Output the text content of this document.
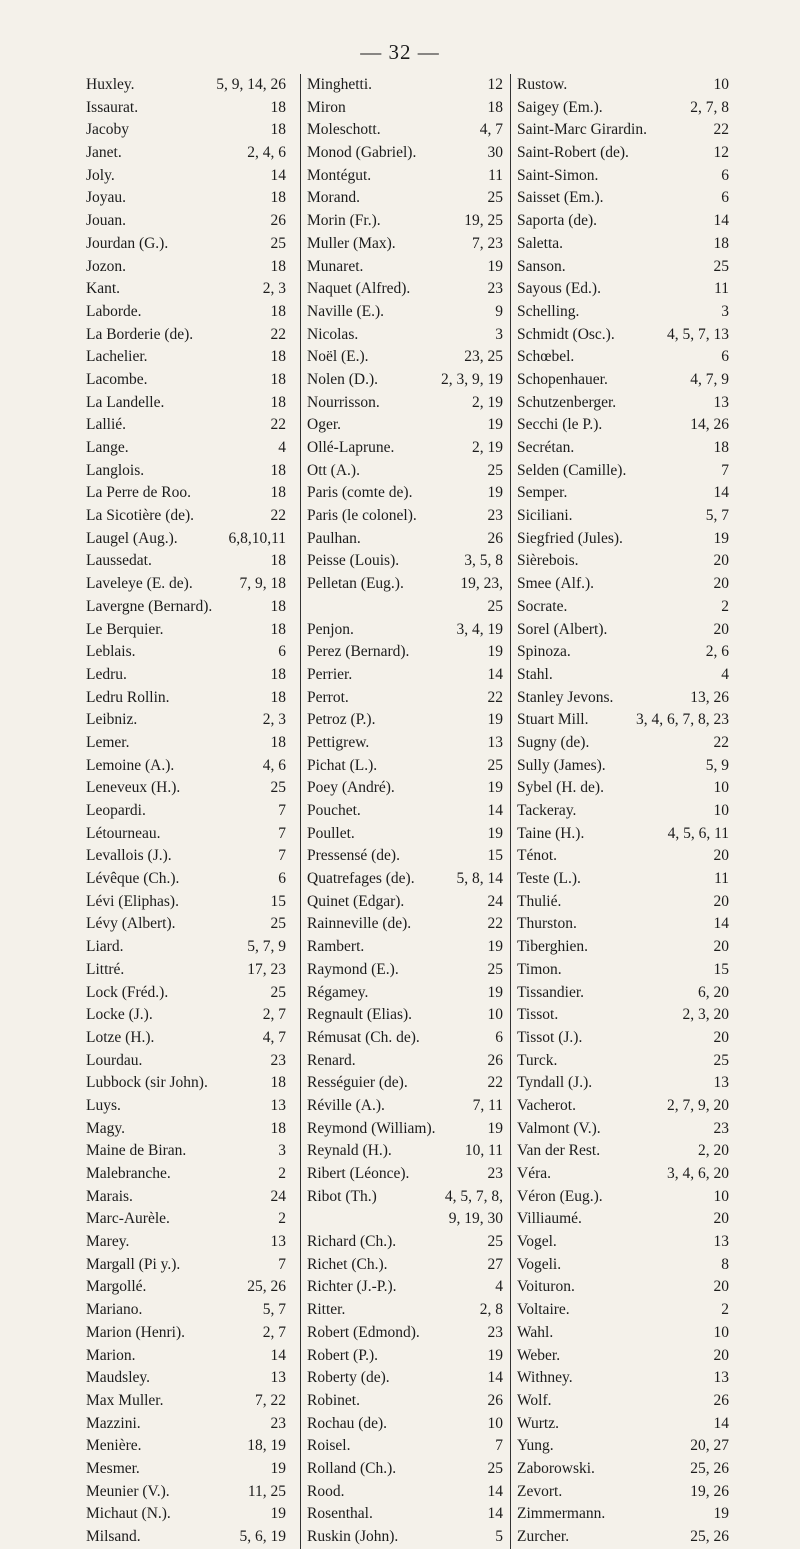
— 32 —
Huxley.	5, 9, 14, 26
Issaurat.	18
Jacoby	18
Janet.	2, 4, 6
Joly.	14
Joyau.	18
Jouan.	26
Jourdan (G.).	25
Jozon.	18
Kant.	2, 3
Laborde.	18
La Borderie (de).	22
Lachelier.	18
Lacombe.	18
La Landelle.	18
Lallié.	22
Lange.	4
Langlois.	18
La Perre de Roo.	18
La Sicotière (de).	22
Laugel (Aug.).	6,8,10,11
Laussedat.	18
Laveleye (E. de).	7, 9, 18
Lavergne (Bernard).	18
Le Berquier.	18
Leblais.	6
Ledru.	18
Ledru Rollin.	18
Leibniz.	2, 3
Lemer.	18
Lemoine (A.).	4, 6
Leneveux (H.).	25
Leopardi.	7
Létourneau.	7
Levallois (J.).	7
Lévêque (Ch.).	6
Lévi (Eliphas).	15
Lévy (Albert).	25
Liard.	5, 7, 9
Littré.	17, 23
Lock (Fréd.).	25
Locke (J.).	2, 7
Lotze (H.).	4, 7
Lourdau.	23
Lubbock (sir John).	18
Luys.	13
Magy.	18
Maine de Biran.	3
Malebranche.	2
Marais.	24
Marc-Aurèle.	2
Marey.	13
Margall (Pi y.).	7
Margollé.	25, 26
Mariano.	5, 7
Marion (Henri).	2, 7
Marion.	14
Maudsley.	13
Max Muller.	7, 22
Mazzini.	23
Menière.	18, 19
Mesmer.	19
Meunier (V.).	11, 25
Michaut (N.).	19
Milsand.	5, 6, 19
Minghetti.	12
Miron	18
Moleschott.	4, 7
Monod (Gabriel).	30
Montégut.	11
Morand.	25
Morin (Fr.).	19, 25
Muller (Max).	7, 23
Munaret.	19
Naquet (Alfred).	23
Naville (E.).	9
Nicolas.	3
Noël (E.).	23, 25
Nolen (D.).	2, 3, 9, 19
Nourrisson.	2, 19
Oger.	19
Ollé-Laprune.	2, 19
Ott (A.).	25
Paris (comte de).	19
Paris (le colonel).	23
Paulhan.	26
Peisse (Louis).	3, 5, 8
Pelletan (Eug.).	19, 23,
25
Penjon.	3, 4, 19
Perez (Bernard).	19
Perrier.	14
Perrot.	22
Petroz (P.).	19
Pettigrew.	13
Pichat (L.).	25
Poey (André).	19
Pouchet.	14
Poullet.	19
Pressensé (de).	15
Quatrefages (de).	5, 8, 14
Quinet (Edgar).	24
Rainneville (de).	22
Rambert.	19
Raymond (E.).	25
Régamey.	19
Regnault (Elias).	10
Rémusat (Ch. de).	6
Renard.	26
Rességuier (de).	22
Réville (A.).	7, 11
Reymond (William).	19
Reynald (H.).	10, 11
Ribert (Léonce).	23
Ribot (Th.)	4, 5, 7, 8,
9, 19, 30
Richard (Ch.).	25
Richet (Ch.).	27
Richter (J.-P.).	4
Ritter.	2, 8
Robert (Edmond).	23
Robert (P.).	19
Roberty (de).	14
Robinet.	26
Rochau (de).	10
Roisel.	7
Rolland (Ch.).	25
Rood.	14
Rosenthal.	14
Ruskin (John).	5
Rustow.	10
Saigey (Em.).	2, 7, 8
Saint-Marc Girardin.	22
Saint-Robert (de).	12
Saint-Simon.	6
Saisset (Em.).	6
Saporta (de).	14
Saletta.	18
Sanson.	25
Sayous (Ed.).	11
Schelling.	3
Schmidt (Osc.).	4, 5, 7, 13
Schœbel.	6
Schopenhauer.	4, 7, 9
Schutzenberger.	13
Secchi (le P.).	14, 26
Secrétan.	18
Selden (Camille).	7
Semper.	14
Siciliani.	5, 7
Siegfried (Jules).	19
Sièrebois.	20
Smee (Alf.).	20
Socrate.	2
Sorel (Albert).	20
Spinoza.	2, 6
Stahl.	4
Stanley Jevons.	13, 26
Stuart Mill.	3, 4, 6, 7, 8, 23
Sugny (de).	22
Sully (James).	5, 9
Sybel (H. de).	10
Tackeray.	10
Taine (H.).	4, 5, 6, 11
Ténot.	20
Teste (L.).	11
Thulié.	20
Thurston.	14
Tiberghien.	20
Timon.	15
Tissandier.	6, 20
Tissot.	2, 3, 20
Tissot (J.).	20
Turck.	25
Tyndall (J.).	13
Vacherot.	2, 7, 9, 20
Valmont (V.).	23
Van der Rest.	2, 20
Véra.	3, 4, 6, 20
Véron (Eug.).	10
Villiaumé.	20
Vogel.	13
Vogeli.	8
Voituron.	20
Voltaire.	2
Wahl.	10
Weber.	20
Withney.	13
Wolf.	26
Wurtz.	14
Yung.	20, 27
Zaborowski.	25, 26
Zevort.	19, 26
Zimmermann.	19
Zurcher.	25, 26
